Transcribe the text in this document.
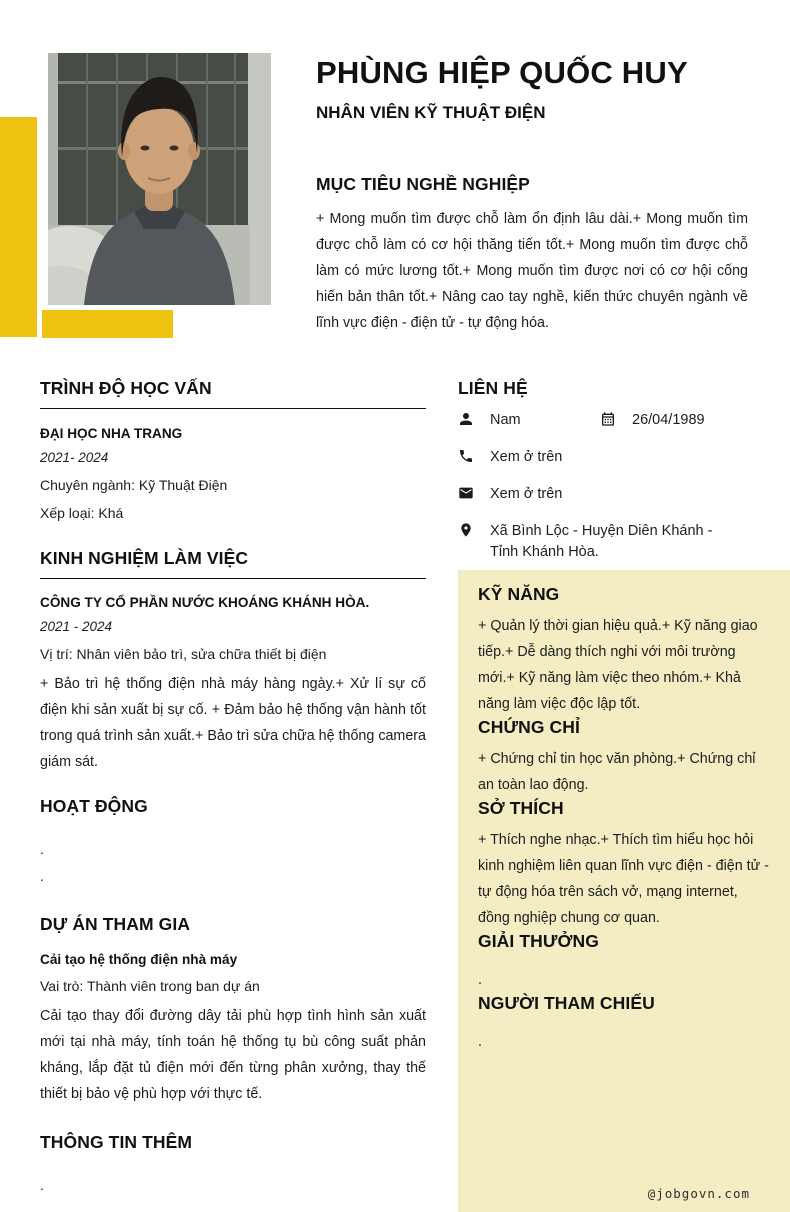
PHÙNG HIỆP QUỐC HUY
NHÂN VIÊN KỸ THUẬT ĐIỆN
MỤC TIÊU NGHỀ NGHIỆP

+ Mong muốn tìm được chỗ làm ổn định lâu dài.+ Mong muốn tìm được chỗ làm có cơ hội thăng tiến tốt.+ Mong muốn tìm được chỗ làm có mức lương tốt.+ Mong muốn tìm được nơi có cơ hội cống hiến bản thân tốt.+ Nâng cao tay nghề, kiến thức chuyên ngành về lĩnh vực điện - điện tử - tự động hóa.

TRÌNH ĐỘ HỌC VẤN
ĐẠI HỌC NHA TRANG
2021- 2024
Chuyên ngành: Kỹ Thuật Điện
Xếp loại: Khá
KINH NGHIỆM LÀM VIỆC
CÔNG TY CỔ PHẦN NƯỚC KHOÁNG KHÁNH HÒA.
2021 - 2024
Vị trí: Nhân viên bảo trì, sửa chữa thiết bị điện

+ Bảo trì hệ thống điện nhà máy hàng ngày.+ Xử lí sự cố điện khi sản xuất bị sự cố. + Đảm bảo hệ thống vận hành tốt trong quá trình sản xuất.+ Bảo trì sửa chữa hệ thống camera giám sát.

HOẠT ĐỘNG
.
.
DỰ ÁN THAM GIA
Cải tạo hệ thống điện nhà máy
Vai trò: Thành viên trong ban dự án

Cải tạo thay đổi đường dây tải phù hợp tình hình sản xuất mới tại nhà máy, tính toán hệ thống tụ bù công suất phản kháng, lắp đặt tủ điện mới đến từng phân xưởng, thay thế thiết bị bảo vệ phù hợp với thực tế.

THÔNG TIN THÊM
.
LIÊN HỆ
Nam	26/04/1989
Xem ở trên
Xem ở trên
Xã Bình Lộc - Huyện Diên Khánh - Tỉnh Khánh Hòa.
KỸ NĂNG

+ Quản lý thời gian hiệu quả.+ Kỹ năng giao tiếp.+ Dễ dàng thích nghi với môi trường mới.+ Kỹ năng làm việc theo nhóm.+ Khả năng làm việc độc lập tốt.

CHỨNG CHỈ

+ Chứng chỉ tin học văn phòng.+ Chứng chỉ an toàn lao động.

SỞ THÍCH

+ Thích nghe nhạc.+ Thích tìm hiểu học hỏi kinh nghiệm liên quan lĩnh vực điện - điện tử - tự động hóa trên sách vở, mạng internet, đồng nghiệp chung cơ quan.

GIẢI THƯỞNG

.

NGƯỜI THAM CHIẾU

.

@jobgovn.com
